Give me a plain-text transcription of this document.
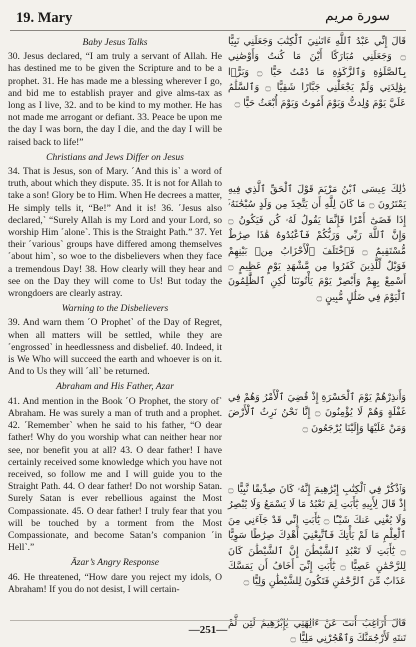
19. Mary	سورة مريم
Baby Jesus Talks

30. Jesus declared, “I am truly a servant of Allah. He has destined me to be given the Scripture and to be a prophet. 31. He has made me a blessing wherever I go, and bid me to establish prayer and give alms-tax as long as I live, 32. and to be kind to my mother. He has not made me arrogant or defiant. 33. Peace be upon me the day I was born, the day I die, and the day I will be raised back to life!”

Christians and Jews Differ on Jesus

34. That is Jesus, son of Mary. ˹And this is˺ a word of truth, about which they dispute. 35. It is not for Allah to take a son! Glory be to Him. When He decrees a matter, He simply tells it, “Be!” And it is! 36. ˹Jesus also declared,˺ “Surely Allah is my Lord and your Lord, so worship Him ˹alone˺. This is the Straight Path.” 37. Yet their ˹various˺ groups have differed among themselves ˹about him˺, so woe to the disbelievers when they face a tremendous Day! 38. How clearly will they hear and see on the Day they will come to Us! But today the wrongdoers are clearly astray.

Warning to the Disbelievers

39. And warn them ˹O Prophet˺ of the Day of Regret, when all matters will be settled, while they are ˹engrossed˺ in heedlessness and disbelief. 40. Indeed, it is We Who will succeed the earth and whoever is on it. And to Us they will ˹all˺ be returned.

Abraham and His Father, Azar

41. And mention in the Book ˹O Prophet, the story of˺ Abraham. He was surely a man of truth and a prophet. 42. ˹Remember˺ when he said to his father, “O dear father! Why do you worship what can neither hear nor see, nor benefit you at all? 43. O dear father! I have certainly received some knowledge which you have not received, so follow me and I will guide you to the Straight Path. 44. O dear father! Do not worship Satan. Surely Satan is ever rebellious against the Most Compassionate. 45. O dear father! I truly fear that you will be touched by a torment from the Most Compassionate, and become Satan’s companion ˹in Hell˺.”

Āzar’s Angry Response

46. He threatened, “How dare you reject my idols, O Abraham! If you do not desist, I will certain-

قَالَ إِنِّي عَبْدُ ٱللَّهِ ءَاتَىٰنِيَ ٱلْكِتَٰبَ وَجَعَلَنِي نَبِيًّا ۝ وَجَعَلَنِي مُبَارَكًا أَيْنَ مَا كُنتُ وَأَوْصَٰنِي بِٱلصَّلَوٰةِ وَٱلزَّكَوٰةِ مَا دُمْتُ حَيًّا ۝ وَبَرًّۢا بِوَٰلِدَتِي وَلَمْ يَجْعَلْنِي جَبَّارًا شَقِيًّا ۝ وَٱلسَّلَٰمُ عَلَيَّ يَوْمَ وُلِدتُّ وَيَوْمَ أَمُوتُ وَيَوْمَ أُبْعَثُ حَيًّا ۝

ذَٰلِكَ عِيسَى ٱبْنُ مَرْيَمَ قَوْلَ ٱلْحَقِّ ٱلَّذِي فِيهِ يَمْتَرُونَ ۝ مَا كَانَ لِلَّهِ أَن يَتَّخِذَ مِن وَلَدٍ سُبْحَٰنَهُۥٓ إِذَا قَضَىٰٓ أَمْرًا فَإِنَّمَا يَقُولُ لَهُۥ كُن فَيَكُونُ ۝ وَإِنَّ ٱللَّهَ رَبِّي وَرَبُّكُمْ فَٱعْبُدُوهُ هَٰذَا صِرَٰطٌ مُّسْتَقِيمٌ ۝ فَٱخْتَلَفَ ٱلْأَحْزَابُ مِنۢ بَيْنِهِمْ فَوَيْلٌ لِّلَّذِينَ كَفَرُوا مِن مَّشْهَدِ يَوْمٍ عَظِيمٍ ۝ أَسْمِعْ بِهِمْ وَأَبْصِرْ يَوْمَ يَأْتُونَنَا لَٰكِنِ ٱلظَّٰلِمُونَ ٱلْيَوْمَ فِي ضَلَٰلٍ مُّبِينٍ ۝

وَأَنذِرْهُمْ يَوْمَ ٱلْحَسْرَةِ إِذْ قُضِيَ ٱلْأَمْرُ وَهُمْ فِي غَفْلَةٍ وَهُمْ لَا يُؤْمِنُونَ ۝ إِنَّا نَحْنُ نَرِثُ ٱلْأَرْضَ وَمَنْ عَلَيْهَا وَإِلَيْنَا يُرْجَعُونَ ۝

وَٱذْكُرْ فِي ٱلْكِتَٰبِ إِبْرَٰهِيمَ إِنَّهُۥ كَانَ صِدِّيقًا نَّبِيًّا ۝ إِذْ قَالَ لِأَبِيهِ يَٰٓأَبَتِ لِمَ تَعْبُدُ مَا لَا يَسْمَعُ وَلَا يُبْصِرُ وَلَا يُغْنِي عَنكَ شَيْـًٔا ۝ يَٰٓأَبَتِ إِنِّي قَدْ جَآءَنِي مِنَ ٱلْعِلْمِ مَا لَمْ يَأْتِكَ فَٱتَّبِعْنِيٓ أَهْدِكَ صِرَٰطًا سَوِيًّا ۝ يَٰٓأَبَتِ لَا تَعْبُدِ ٱلشَّيْطَٰنَ إِنَّ ٱلشَّيْطَٰنَ كَانَ لِلرَّحْمَٰنِ عَصِيًّا ۝ يَٰٓأَبَتِ إِنِّيٓ أَخَافُ أَن يَمَسَّكَ عَذَابٌ مِّنَ ٱلرَّحْمَٰنِ فَتَكُونَ لِلشَّيْطَٰنِ وَلِيًّا ۝

قَالَ أَرَاغِبٌ أَنتَ عَنْ ءَالِهَتِي يَٰٓإِبْرَٰهِيمُ لَئِن لَّمْ تَنتَهِ لَأَرْجُمَنَّكَ وَٱهْجُرْنِي مَلِيًّا ۝

—251—
